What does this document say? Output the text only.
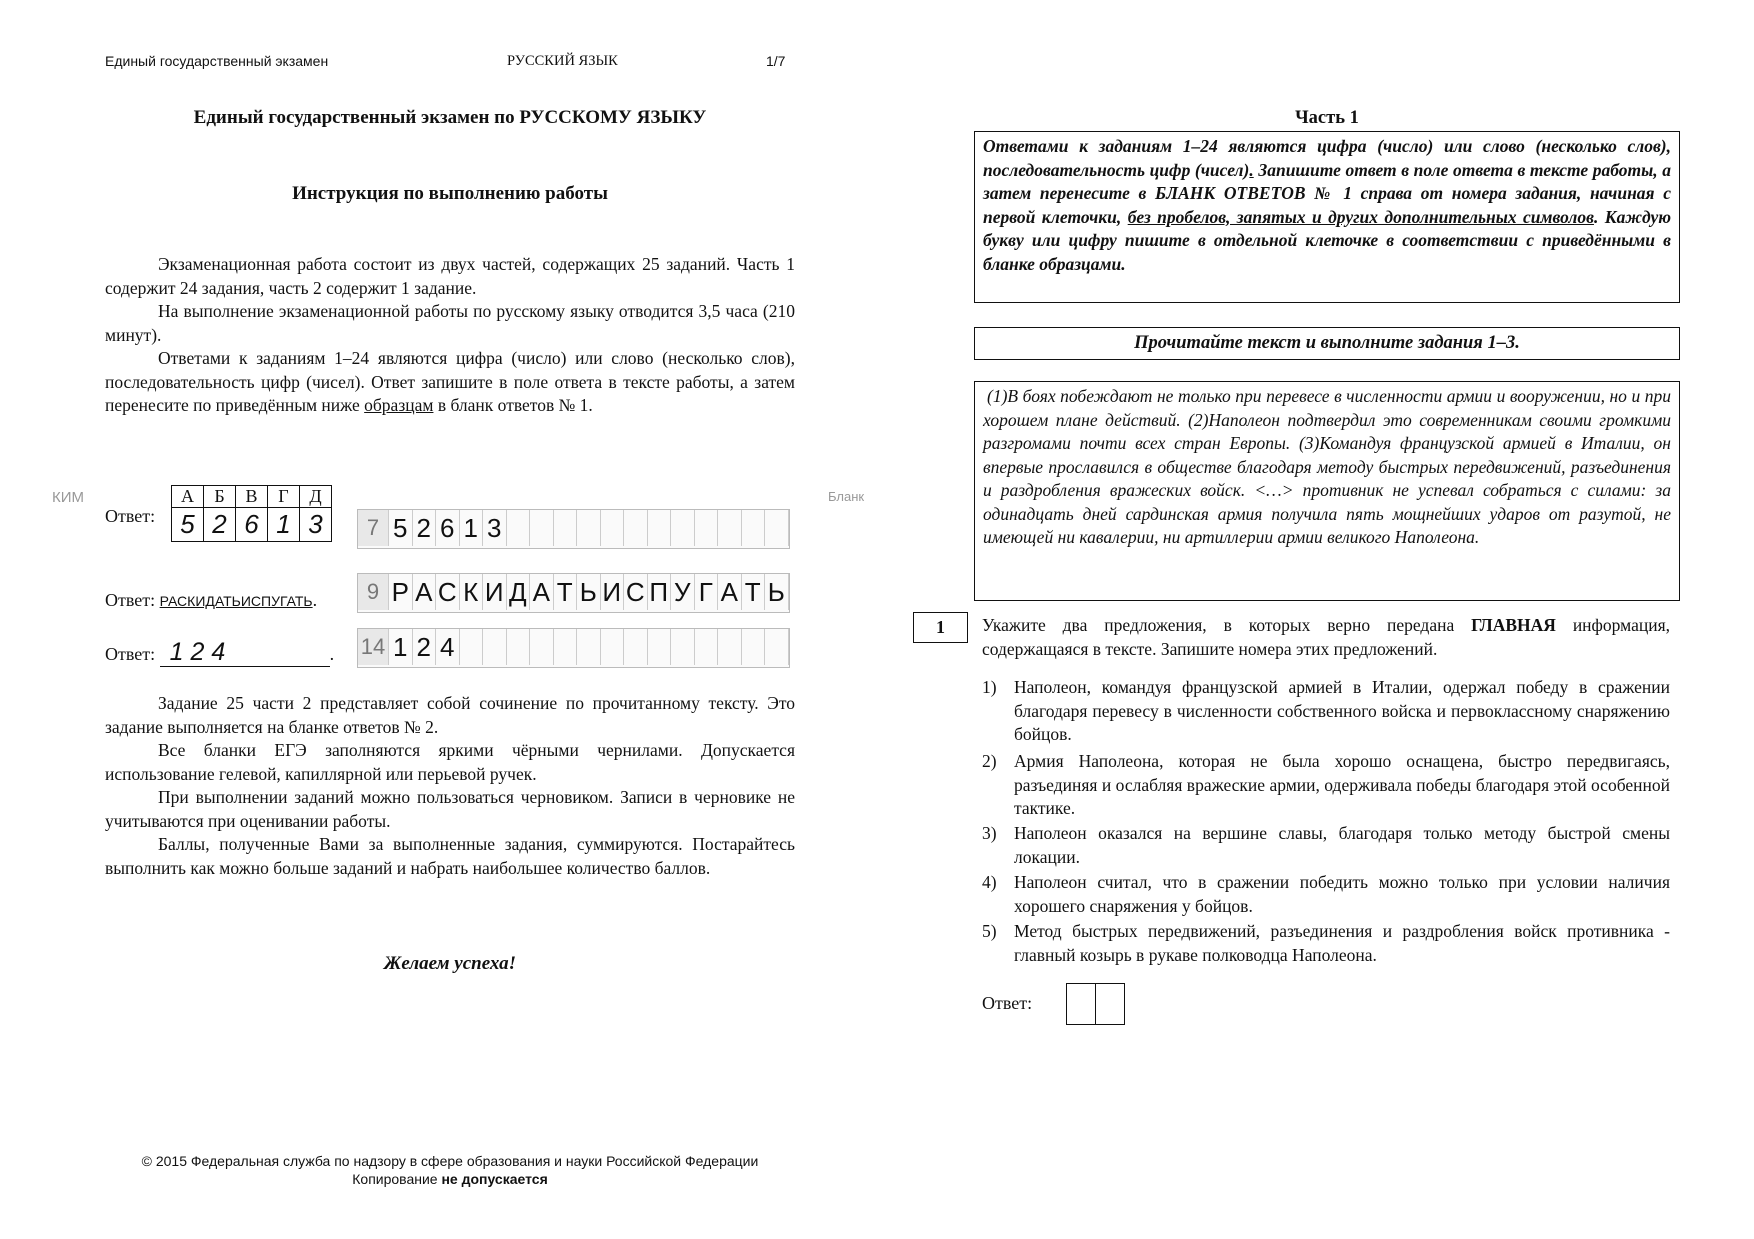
Единый государственный экзамен	РУССКИЙ ЯЗЫК	1/7
Единый государственный экзамен по РУССКОМУ ЯЗЫКУ
Инструкция по выполнению работы
Экзаменационная работа состоит из двух частей, содержащих 25 заданий. Часть 1 содержит 24 задания, часть 2 содержит 1 задание.
На выполнение экзаменационной работы по русскому языку отводится 3,5 часа (210 минут).
Ответами к заданиям 1–24 являются цифра (число) или слово (несколько слов), последовательность цифр (чисел). Ответ запишите в поле ответа в тексте работы, а затем перенесите по приведённым ниже образцам в бланк ответов № 1.
КИМ	Бланк
Ответ:
А	Б	В	Г	Д
5	2	6	1	3	7 5 2 6 1 3
Ответ: РАСКИДАТЬИСПУГАТЬ.	9 Р А С К И Д А Т Ь И С П У Г А Т Ь
Ответ: 1 2 4	. 14 1 2 4
Задание 25 части 2 представляет собой сочинение по прочитанному тексту. Это задание выполняется на бланке ответов № 2.
Все бланки ЕГЭ заполняются яркими чёрными чернилами. Допускается использование гелевой, капиллярной или перьевой ручек.
При выполнении заданий можно пользоваться черновиком. Записи в черновике не учитываются при оценивании работы.
Баллы, полученные Вами за выполненные задания, суммируются. Постарайтесь выполнить как можно больше заданий и набрать наибольшее количество баллов.
Желаем успеха!
© 2015 Федеральная служба по надзору в сфере образования и науки Российской Федерации
Копирование не допускается
Часть 1
Ответами к заданиям 1–24 являются цифра (число) или слово (несколько слов), последовательность цифр (чисел). Запишите ответ в поле ответа в тексте работы, а затем перенесите в БЛАНК ОТВЕТОВ № 1 справа от номера задания, начиная с первой клеточки, без пробелов, запятых и других дополнительных символов. Каждую букву или цифру пишите в отдельной клеточке в соответствии с приведёнными в бланке образцами.
Прочитайте текст и выполните задания 1–3.
(1)В боях побеждают не только при перевесе в численности армии и вооружении, но и при хорошем плане действий. (2)Наполеон подтвердил это современникам своими громкими разгромами почти всех стран Европы. (3)Командуя французской армией в Италии, он впервые прославился в обществе благодаря методу быстрых передвижений, разъединения и раздробления вражеских войск. <…> противник не успевал собраться с силами: за одинадцать дней сардинская армия получила пять мощнейших ударов от разутой, не имеющей ни кавалерии, ни артиллерии армии великого Наполеона.
1	Укажите два предложения, в которых верно передана ГЛАВНАЯ информация, содержащаяся в тексте. Запишите номера этих предложений.
1) Наполеон, командуя французской армией в Италии, одержал победу в сражении благодаря перевесу в численности собственного войска и первоклассному снаряжению бойцов.
2) Армия Наполеона, которая не была хорошо оснащена, быстро передвигаясь, разъединяя и ослабляя вражеские армии, одерживала победы благодаря этой особенной тактике.
3) Наполеон оказался на вершине славы, благодаря только методу быстрой смены локации.
4) Наполеон считал, что в сражении победить можно только при условии наличия хорошего снаряжения у бойцов.
5) Метод быстрых передвижений, разъединения и раздробления войск противника - главный козырь в рукаве полководца Наполеона.
Ответ:
